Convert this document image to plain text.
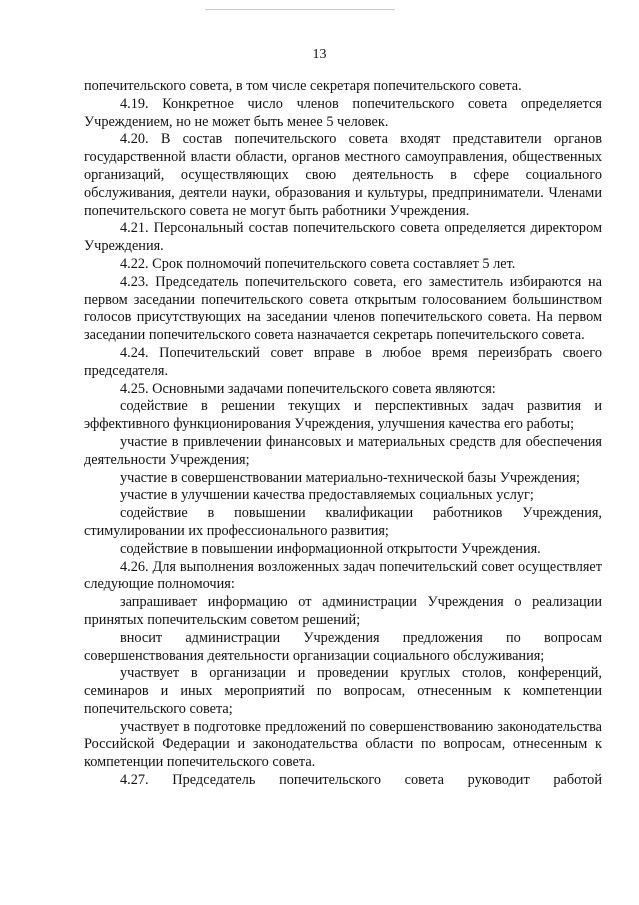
13

попечительского совета, в том числе секретаря попечительского совета.

4.19. Конкретное число членов попечительского совета определяется Учреждением, но не может быть менее 5 человек.

4.20. В состав попечительского совета входят представители органов государственной власти области, органов местного самоуправления, общественных организаций, осуществляющих свою деятельность в сфере социального обслуживания, деятели науки, образования и культуры, предприниматели. Членами попечительского совета не могут быть работники Учреждения.

4.21. Персональный состав попечительского совета определяется директором Учреждения.

4.22. Срок полномочий попечительского совета составляет 5 лет.

4.23. Председатель попечительского совета, его заместитель избираются на первом заседании попечительского совета открытым голосованием большинством голосов присутствующих на заседании членов попечительского совета. На первом заседании попечительского совета назначается секретарь попечительского совета.

4.24. Попечительский совет вправе в любое время переизбрать своего председателя.

4.25. Основными задачами попечительского совета являются:

содействие в решении текущих и перспективных задач развития и эффективного функционирования Учреждения, улучшения качества его работы;

участие в привлечении финансовых и материальных средств для обеспечения деятельности Учреждения;

участие в совершенствовании материально-технической базы Учреждения;

участие в улучшении качества предоставляемых социальных услуг;

содействие в повышении квалификации работников Учреждения, стимулировании их профессионального развития;

содействие в повышении информационной открытости Учреждения.

4.26. Для выполнения возложенных задач попечительский совет осуществляет следующие полномочия:

запрашивает информацию от администрации Учреждения о реализации принятых попечительским советом решений;

вносит администрации Учреждения предложения по вопросам совершенствования деятельности организации социального обслуживания;

участвует в организации и проведении круглых столов, конференций, семинаров и иных мероприятий по вопросам, отнесенным к компетенции попечительского совета;

участвует в подготовке предложений по совершенствованию законодательства Российской Федерации и законодательства области по вопросам, отнесенным к компетенции попечительского совета.

4.27. Председатель попечительского совета руководит работой
